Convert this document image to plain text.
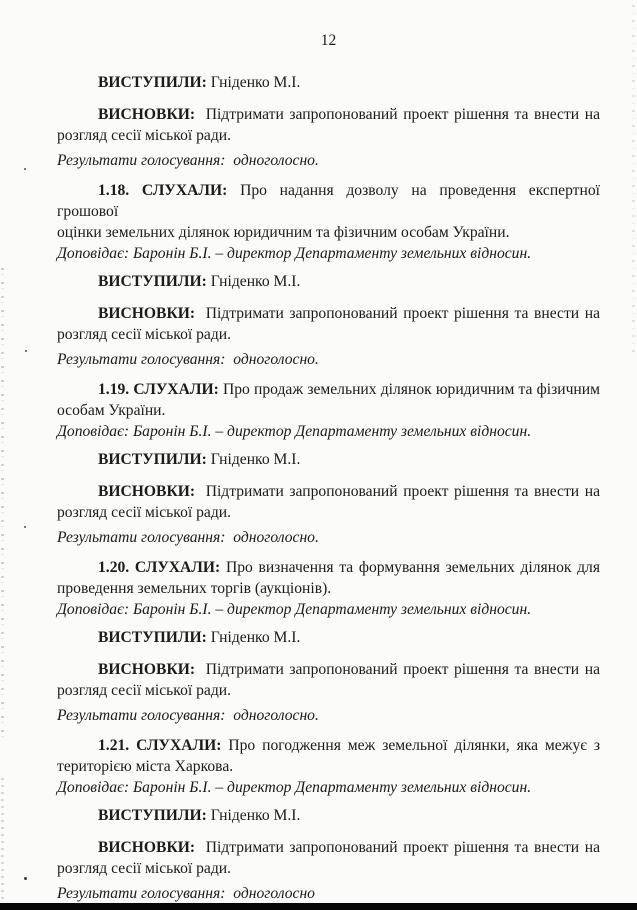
12
ВИСТУПИЛИ: Гніденко М.І.
ВИСНОВКИ: Підтримати запропонований проект рішення та внести на
розгляд сесії міської ради.
Результати голосування:  одноголосно.
1.18. СЛУХАЛИ: Про надання дозволу на проведення експертної грошової
оцінки земельних ділянок юридичним та фізичним особам України.
Доповідає: Баронін Б.І. – директор Департаменту земельних відносин.
ВИСТУПИЛИ: Гніденко М.І.
ВИСНОВКИ: Підтримати запропонований проект рішення та внести на
розгляд сесії міської ради.
Результати голосування:  одноголосно.
1.19. СЛУХАЛИ: Про продаж земельних ділянок юридичним та фізичним
особам України.
Доповідає: Баронін Б.І. – директор Департаменту земельних відносин.
ВИСТУПИЛИ: Гніденко М.І.
ВИСНОВКИ: Підтримати запропонований проект рішення та внести на
розгляд сесії міської ради.
Результати голосування:  одноголосно.
1.20. СЛУХАЛИ: Про визначення та формування земельних ділянок для
проведення земельних торгів (аукціонів).
Доповідає: Баронін Б.І. – директор Департаменту земельних відносин.
ВИСТУПИЛИ: Гніденко М.І.
ВИСНОВКИ: Підтримати запропонований проект рішення та внести на
розгляд сесії міської ради.
Результати голосування:  одноголосно.
1.21. СЛУХАЛИ: Про погодження меж земельної ділянки, яка межує з
територією міста Харкова.
Доповідає: Баронін Б.І. – директор Департаменту земельних відносин.
ВИСТУПИЛИ: Гніденко М.І.
ВИСНОВКИ: Підтримати запропонований проект рішення та внести на
розгляд сесії міської ради.
Результати голосування:  одноголосно
